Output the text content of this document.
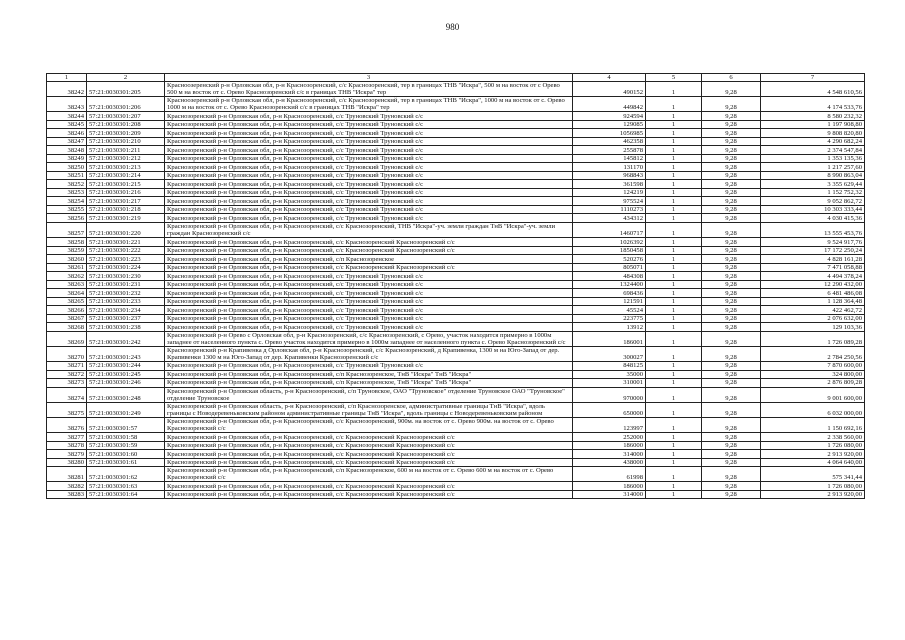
980
1	2	3	4	5	6	7
38242	57:21:0030301:205	Красноозеренский р-н Орловская обл, р-н Краснозоренский, с/с Краснозоренский, тер в границах ТНВ "Искра", 500 м на восток от с Орево 500 м на восток от с. Орево Краснозоренский с/с в границах ТНВ "Искра" тер	490152	1	9,28	4 548 610,56
38243	57:21:0030301:206	Красноозеренский р-н Орловская обл, р-н Краснозоренский, с/с Краснозоренский, тер в границах ТНВ "Искра", 1000 м на восток от с. Орево 1000 м на восток от с. Орево Краснозоренский с/с в границах ТНВ "Искра" тер	449842	1	9,28	4 174 533,76
38244	57:21:0030301:207	Краснозоренский р-н Орловская обл, р-н Краснозоренский, с/с Труновский Труновский с/с	924594	1	9,28	8 580 232,32
38245	57:21:0030301:208	Краснозоренский р-н Орловская обл, р-н Краснозоренский, с/с Труновский Труновский с/с	129085	1	9,28	1 197 908,80
38246	57:21:0030301:209	Краснозоренский р-н Орловская обл, р-н Краснозоренский, с/с Труновский Труновский с/с	1056985	1	9,28	9 808 820,80
38247	57:21:0030301:210	Краснозоренский р-н Орловская обл, р-н Краснозоренский, с/с Труновский Труновский с/с	462358	1	9,28	4 290 682,24
38248	57:21:0030301:211	Краснозоренский р-н Орловская обл, р-н Краснозоренский, с/с Труновский Труновский с/с	255878	1	9,28	2 374 547,84
38249	57:21:0030301:212	Краснозоренский р-н Орловская обл, р-н Краснозоренский, с/с Труновский Труновский с/с	145812	1	9,28	1 353 135,36
38250	57:21:0030301:213	Краснозоренский р-н Орловская обл, р-н Краснозоренский, с/с Труновский Труновский с/с	131170	1	9,28	1 217 257,60
38251	57:21:0030301:214	Краснозоренский р-н Орловская обл, р-н Краснозоренский, с/с Труновский Труновский с/с	968843	1	9,28	8 990 863,04
38252	57:21:0030301:215	Краснозоренский р-н Орловская обл, р-н Краснозоренский, с/с Труновский Труновский с/с	361598	1	9,28	3 355 629,44
38253	57:21:0030301:216	Краснозоренский р-н Орловская обл, р-н Краснозоренский, с/с Труновский Труновский с/с	124219	1	9,28	1 152 752,32
38254	57:21:0030301:217	Краснозоренский р-н Орловская обл, р-н Краснозоренский, с/с Труновский Труновский с/с	975524	1	9,28	9 052 862,72
38255	57:21:0030301:218	Краснозоренский р-н Орловская обл, р-н Краснозоренский, с/с Труновский Труновский с/с	1110273	1	9,28	10 303 333,44
38256	57:21:0030301:219	Краснозоренский р-н Орловская обл, р-н Краснозоренский, с/с Труновский Труновский с/с	434312	1	9,28	4 030 415,36
38257	57:21:0030301:220	Краснозоренский р-н Орловская обл, р-н Краснозоренский, с/с Краснозоренский, ТНВ "Искра"-уч. земли граждан ТнВ "Искра"-уч. земли граждан Краснозоренский с/с	1460717	1	9,28	13 555 453,76
38258	57:21:0030301:221	Краснозоренский р-н Орловская обл, р-н Краснозоренский, с/с Краснозоренский Краснозоренский с/с	1026392	1	9,28	9 524 917,76
38259	57:21:0030301:222	Краснозоренский р-н Орловская обл, р-н Краснозоренский, с/с Краснозоренский Краснозоренский с/с	1850458	1	9,28	17 172 250,24
38260	57:21:0030301:223	Краснозоренский р-н Орловская обл, р-н Краснозоренский, с/п Краснозоренское	520276	1	9,28	4 828 161,28
38261	57:21:0030301:224	Краснозоренский р-н Орловская обл, р-н Краснозоренский, с/с Краснозоренский Краснозоренский с/с	805071	1	9,28	7 471 058,88
38262	57:21:0030301:230	Краснозоренский р-н Орловская обл, р-н Краснозоренский, с/с Труновский Труновский с/с	484308	1	9,28	4 494 378,24
38263	57:21:0030301:231	Краснозоренский р-н Орловская обл, р-н Краснозоренский, с/с Труновский Труновский с/с	1324400	1	9,28	12 290 432,00
38264	57:21:0030301:232	Краснозоренский р-н Орловская обл, р-н Краснозоренский, с/с Труновский Труновский с/с	698436	1	9,28	6 481 486,08
38265	57:21:0030301:233	Краснозоренский р-н Орловская обл, р-н Краснозоренский, с/с Труновский Труновский с/с	121591	1	9,28	1 128 364,48
38266	57:21:0030301:234	Краснозоренский р-н Орловская обл, р-н Краснозоренский, с/с Труновский Труновский с/с	45524	1	9,28	422 462,72
38267	57:21:0030301:237	Краснозоренский р-н Орловская обл, р-н Краснозоренский, с/с Труновский Труновский с/с	223775	1	9,28	2 076 632,00
38268	57:21:0030301:238	Краснозоренский р-н Орловская обл, р-н Краснозоренский, с/с Труновский Труновский с/с	13912	1	9,28	129 103,36
38269	57:21:0030301:242	Краснозоренский р-н Орево с Орловская обл, р-н Краснозоренский, с/с Краснозоренский, с Орево, участок находится примерно в 1000м западнее от населенного пункта с. Орево участок находится примерно в 1000м западнее от населенного пункта с. Орево Краснозоренский с/с	186001	1	9,28	1 726 089,28
38270	57:21:0030301:243	Краснозоренский р-н Крапивенка д Орловская обл, р-н Краснозоренский, с/с Краснозоренский, д Крапивенка, 1300 м на Юго-Запад от дер. Крапивенки 1300 м на Юго-Запад от дер. Крапивенки Краснозоренский с/с	300027	1	9,28	2 784 250,56
38271	57:21:0030301:244	Краснозоренский р-н Орловская обл, р-н Краснозоренский, с/с Труновский Труновский с/с	848125	1	9,28	7 870 600,00
38272	57:21:0030301:245	Краснозоренский р-н Орловская обл, р-н Краснозоренский, с/п Краснозоренское, ТнВ "Искра" ТнВ "Искра"	35000	1	9,28	324 800,00
38273	57:21:0030301:246	Краснозоренский р-н Орловская обл, р-н Краснозоренский, с/п Краснозоренское, ТнВ "Искра" ТнВ "Искра"	310001	1	9,28	2 876 809,28
38274	57:21:0030301:248	Краснозоренский р-н Орловская область, р-н Краснозоренский, с/п Труновское, ОАО "Труновское" отделение Труновское ОАО "Труновское" отделение Труновское	970000	1	9,28	9 001 600,00
38275	57:21:0030301:249	Краснозоренский р-н Орловская область, р-н Краснозоренский, с/п Краснозоренское, административные границы ТнВ "Искра", вдоль границы с Новодеревеньковским районом административные границы ТнВ "Искра", вдоль границы с Новодеревеньковским районом	650000	1	9,28	6 032 000,00
38276	57:21:0030301:57	Краснозоренский р-н Орловская обл, р-н Краснозоренский, с/с Краснозоренский, 900м. на восток от с. Орево 900м. на восток от с. Орево Краснозоренский с/с	123997	1	9,28	1 150 692,16
38277	57:21:0030301:58	Краснозоренский р-н Орловская обл, р-н Краснозоренский, с/с Краснозоренский Краснозоренский с/с	252000	1	9,28	2 338 560,00
38278	57:21:0030301:59	Краснозоренский р-н Орловская обл, р-н Краснозоренский, с/с Краснозоренский Краснозоренский с/с	186000	1	9,28	1 726 080,00
38279	57:21:0030301:60	Краснозоренский р-н Орловская обл, р-н Краснозоренский, с/с Краснозоренский Краснозоренский с/с	314000	1	9,28	2 913 920,00
38280	57:21:0030301:61	Краснозоренский р-н Орловская обл, р-н Краснозоренский, с/с Краснозоренский Краснозоренский с/с	438000	1	9,28	4 064 640,00
38281	57:21:0030301:62	Краснозоренский р-н Орловская обл, р-н Краснозоренский, с/п Краснозоренское, 600 м на восток от с. Орево 600 м на восток от с. Орево Краснозоренский с/с	61998	1	9,28	575 341,44
38282	57:21:0030301:63	Краснозоренский р-н Орловская обл, р-н Краснозоренский, с/с Краснозоренский Краснозоренский с/с	186000	1	9,28	1 726 080,00
38283	57:21:0030301:64	Краснозоренский р-н Орловская обл, р-н Краснозоренский, с/с Краснозоренский Краснозоренский с/с	314000	1	9,28	2 913 920,00
